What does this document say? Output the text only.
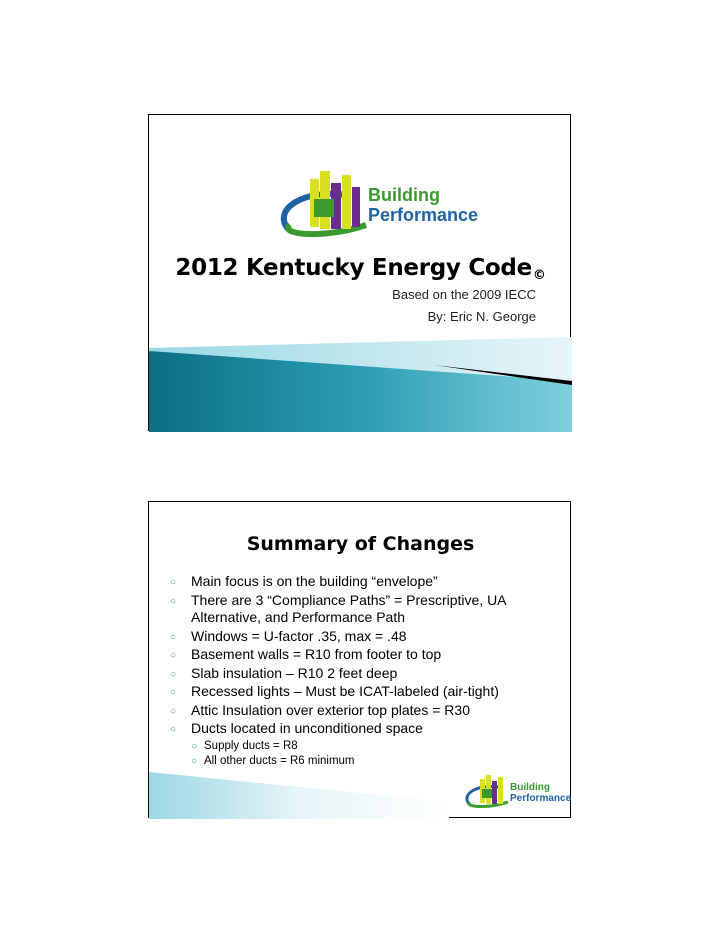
Building
Performance
2012 Kentucky Energy Code©
Based on the 2009 IECC
By: Eric N. George
Summary of Changes
○ Main focus is on the building “envelope”
○ There are 3 “Compliance Paths” = Prescriptive, UA Alternative, and Performance Path
○ Windows = U-factor .35, max = .48
○ Basement walls = R10 from footer to top
○ Slab insulation – R10 2 feet deep
○ Recessed lights – Must be ICAT-labeled (air-tight)
○ Attic Insulation over exterior top plates = R30
○ Ducts located in unconditioned space
○ Supply ducts = R8
○ All other ducts = R6 minimum
Building
Performance
